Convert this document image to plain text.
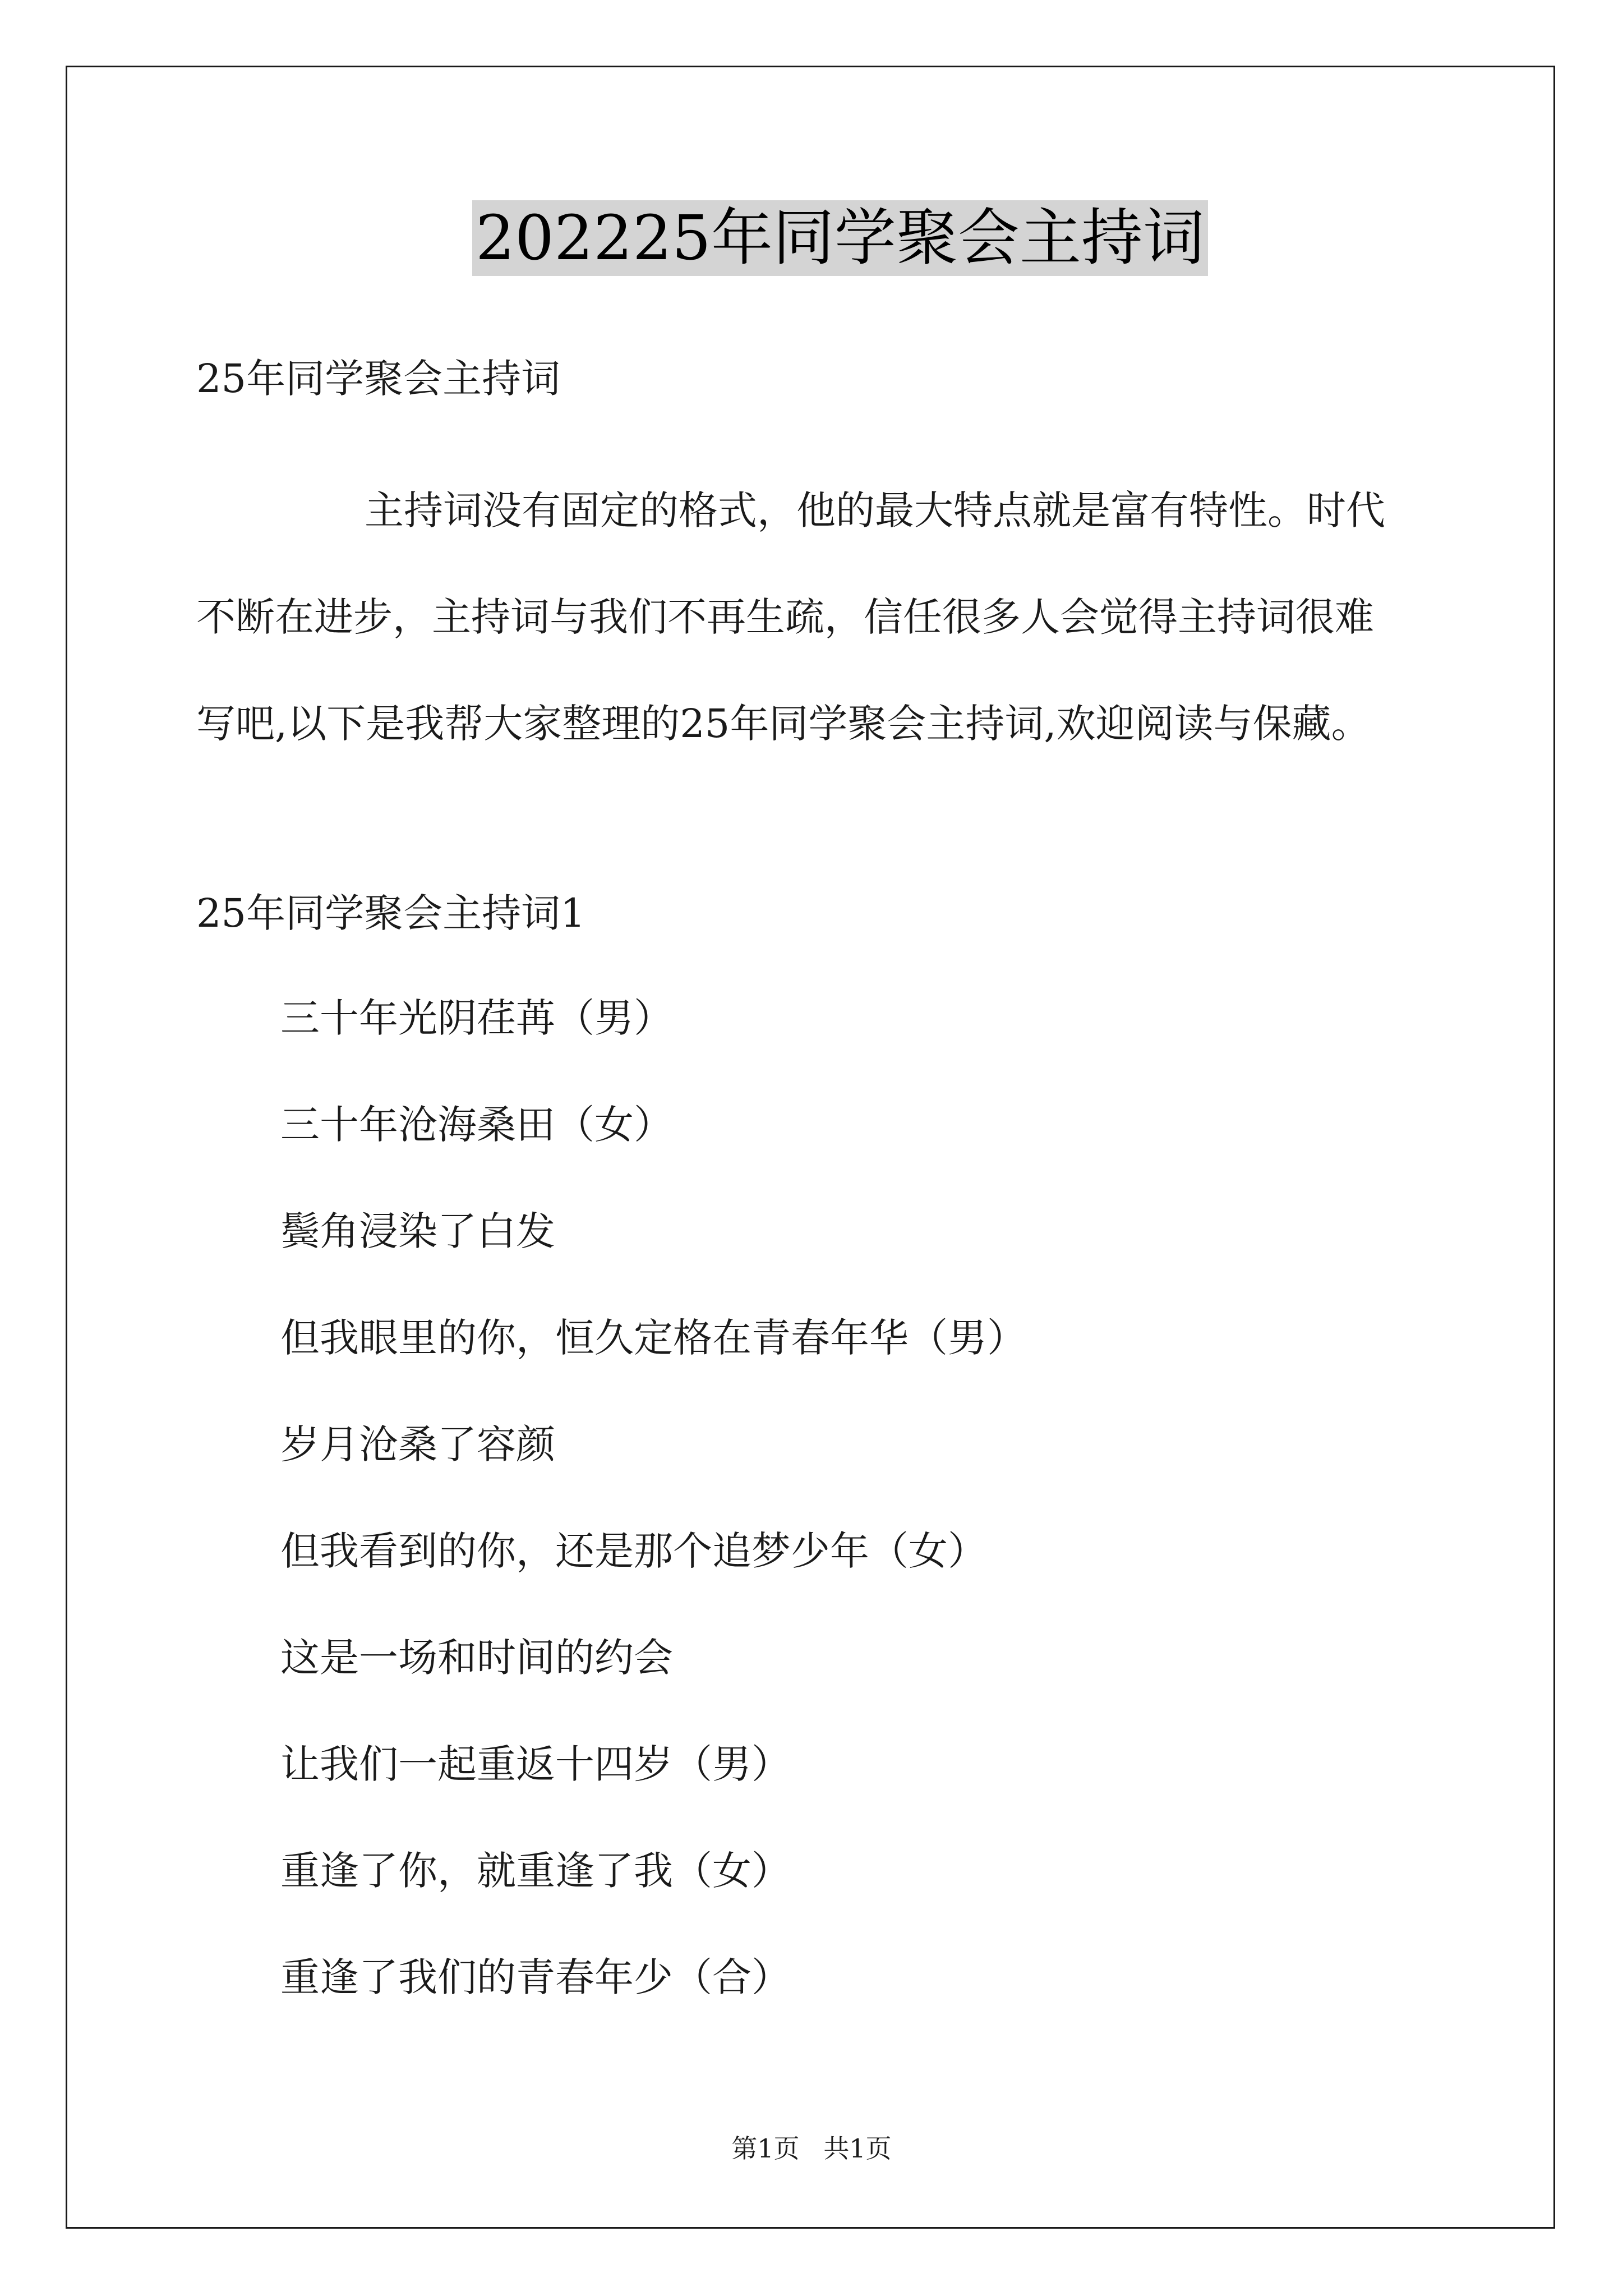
202225年同学聚会主持词

25年同学聚会主持词

主持词没有固定的格式，他的最大特点就是富有特性。时代
不断在进步，主持词与我们不再生疏，信任很多人会觉得主持词很难
写吧,以下是我帮大家整理的25年同学聚会主持词,欢迎阅读与保藏。

25年同学聚会主持词1

三十年光阴荏苒（男）
三十年沧海桑田（女）
鬓角浸染了白发
但我眼里的你，恒久定格在青春年华（男）
岁月沧桑了容颜
但我看到的你，还是那个追梦少年（女）
这是一场和时间的约会
让我们一起重返十四岁（男）
重逢了你，就重逢了我（女）
重逢了我们的青春年少（合）
第1页 共1页
